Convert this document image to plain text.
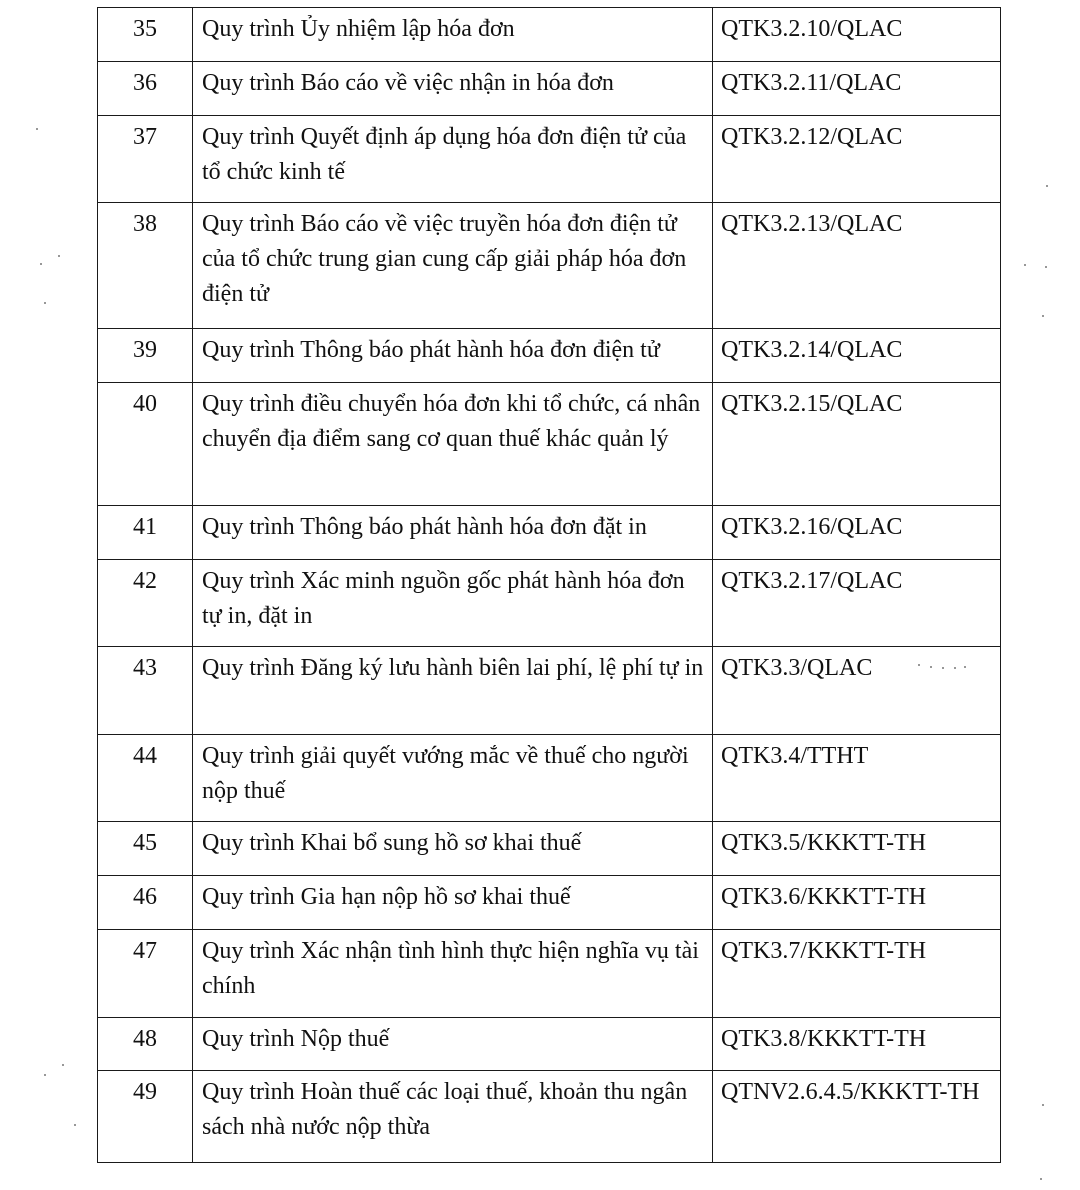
35	Quy trình Ủy nhiệm lập hóa đơn	QTK3.2.10/QLAC
36	Quy trình Báo cáo về việc nhận in hóa đơn	QTK3.2.11/QLAC
37	Quy trình Quyết định áp dụng hóa đơn điện tử của tổ chức kinh tế	QTK3.2.12/QLAC
38	Quy trình Báo cáo về việc truyền hóa đơn điện tử của tổ chức trung gian cung cấp giải pháp hóa đơn điện tử	QTK3.2.13/QLAC
39	Quy trình Thông báo phát hành hóa đơn điện tử	QTK3.2.14/QLAC
40	Quy trình điều chuyển hóa đơn khi tổ chức, cá nhân chuyển địa điểm sang cơ quan thuế khác quản lý	QTK3.2.15/QLAC
41	Quy trình Thông báo phát hành hóa đơn đặt in	QTK3.2.16/QLAC
42	Quy trình Xác minh nguồn gốc phát hành hóa đơn tự in, đặt in	QTK3.2.17/QLAC
43	Quy trình Đăng ký lưu hành biên lai phí, lệ phí tự in	QTK3.3/QLAC
44	Quy trình giải quyết vướng mắc về thuế cho người nộp thuế	QTK3.4/TTHT
45	Quy trình Khai bổ sung hồ sơ khai thuế	QTK3.5/KKKTT-TH
46	Quy trình Gia hạn nộp hồ sơ khai thuế	QTK3.6/KKKTT-TH
47	Quy trình Xác nhận tình hình thực hiện nghĩa vụ tài chính	QTK3.7/KKKTT-TH
48	Quy trình Nộp thuế	QTK3.8/KKKTT-TH
49	Quy trình Hoàn thuế các loại thuế, khoản thu ngân sách nhà nước nộp thừa	QTNV2.6.4.5/KKKTT-TH
